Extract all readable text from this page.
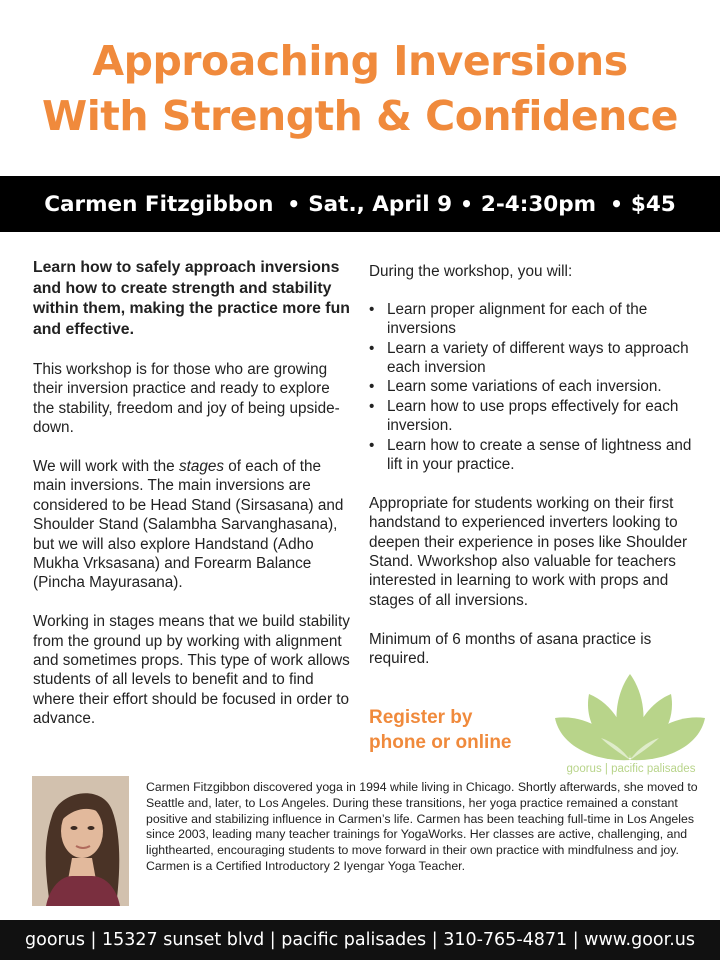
Approaching Inversions
With Strength & Confidence
Carmen Fitzgibbon • Sat., April 9 • 2-4:30pm • $45

Learn how to safely approach inversions and how to create strength and stability within them, making the practice more fun and effective.

This workshop is for those who are growing their inversion practice and ready to explore the stability, freedom and joy of being upside-down.

We will work with the stages of each of the main inversions. The main inversions are considered to be Head Stand (Sirsasana) and Shoulder Stand (Salambha Sarvanghasana), but we will also explore Handstand (Adho Mukha Vrksasana) and Forearm Balance (Pincha Mayurasana).

Working in stages means that we build stability from the ground up by working with alignment and sometimes props. This type of work allows students of all levels to benefit and to find where their effort should be focused in order to advance.

During the workshop, you will:

• Learn proper alignment for each of the inversions
• Learn a variety of different ways to approach each inversion
• Learn some variations of each inversion.
• Learn how to use props effectively for each inversion.
• Learn how to create a sense of lightness and lift in your practice.

Appropriate for students working on their first handstand to experienced inverters looking to deepen their experience in poses like Shoulder Stand. Wworkshop also valuable for teachers interested in learning to work with props and stages of all inversions.

Minimum of 6 months of asana practice is required.

Register by
phone or online
goorus | pacific palisades

Carmen Fitzgibbon discovered yoga in 1994 while living in Chicago. Shortly afterwards, she moved to Seattle and, later, to Los Angeles. During these transitions, her yoga practice remained a constant positive and stabilizing influence in Carmen’s life. Carmen has been teaching full-time in Los Angeles since 2003, leading many teacher trainings for YogaWorks. Her classes are active, challenging, and lighthearted, encouraging students to move forward in their own practice with mindfulness and joy. Carmen is a Certified Introductory 2 Iyengar Yoga Teacher.

goorus | 15327 sunset blvd | pacific palisades | 310-765-4871 | www.goor.us
